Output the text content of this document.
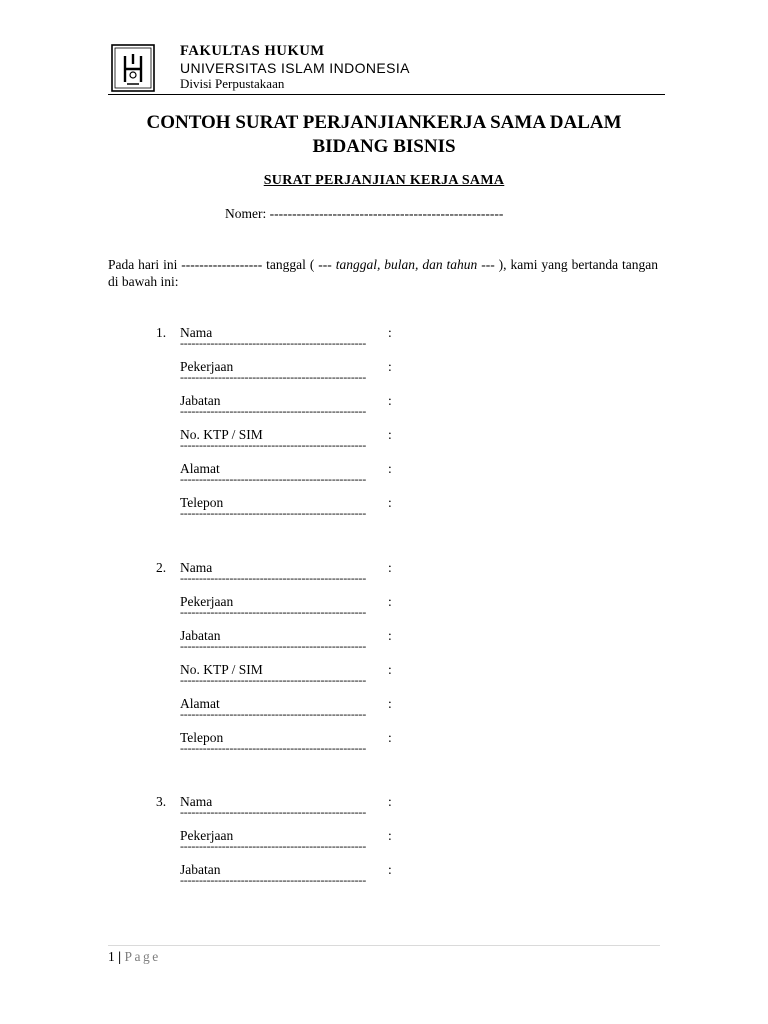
FAKULTAS HUKUM
UNIVERSITAS ISLAM INDONESIA
Divisi Perpustakaan
CONTOH SURAT PERJANJIANKERJA SAMA DALAM
BIDANG BISNIS
SURAT PERJANJIAN KERJA SAMA
Nomer: ----------------------------------------------------
Pada hari ini ------------------ tanggal ( --- tanggal, bulan, dan tahun --- ), kami yang bertanda tangan di bawah ini:
1. Nama	:
-------------------------------------------------
Pekerjaan	:
-------------------------------------------------
Jabatan	:
-------------------------------------------------
No. KTP / SIM	:
-------------------------------------------------
Alamat	:
-------------------------------------------------
Telepon	:
-------------------------------------------------
2. Nama	:
-------------------------------------------------
Pekerjaan	:
-------------------------------------------------
Jabatan	:
-------------------------------------------------
No. KTP / SIM	:
-------------------------------------------------
Alamat	:
-------------------------------------------------
Telepon	:
-------------------------------------------------
3. Nama	:
-------------------------------------------------
Pekerjaan	:
-------------------------------------------------
Jabatan	:
-------------------------------------------------
1 | Page
